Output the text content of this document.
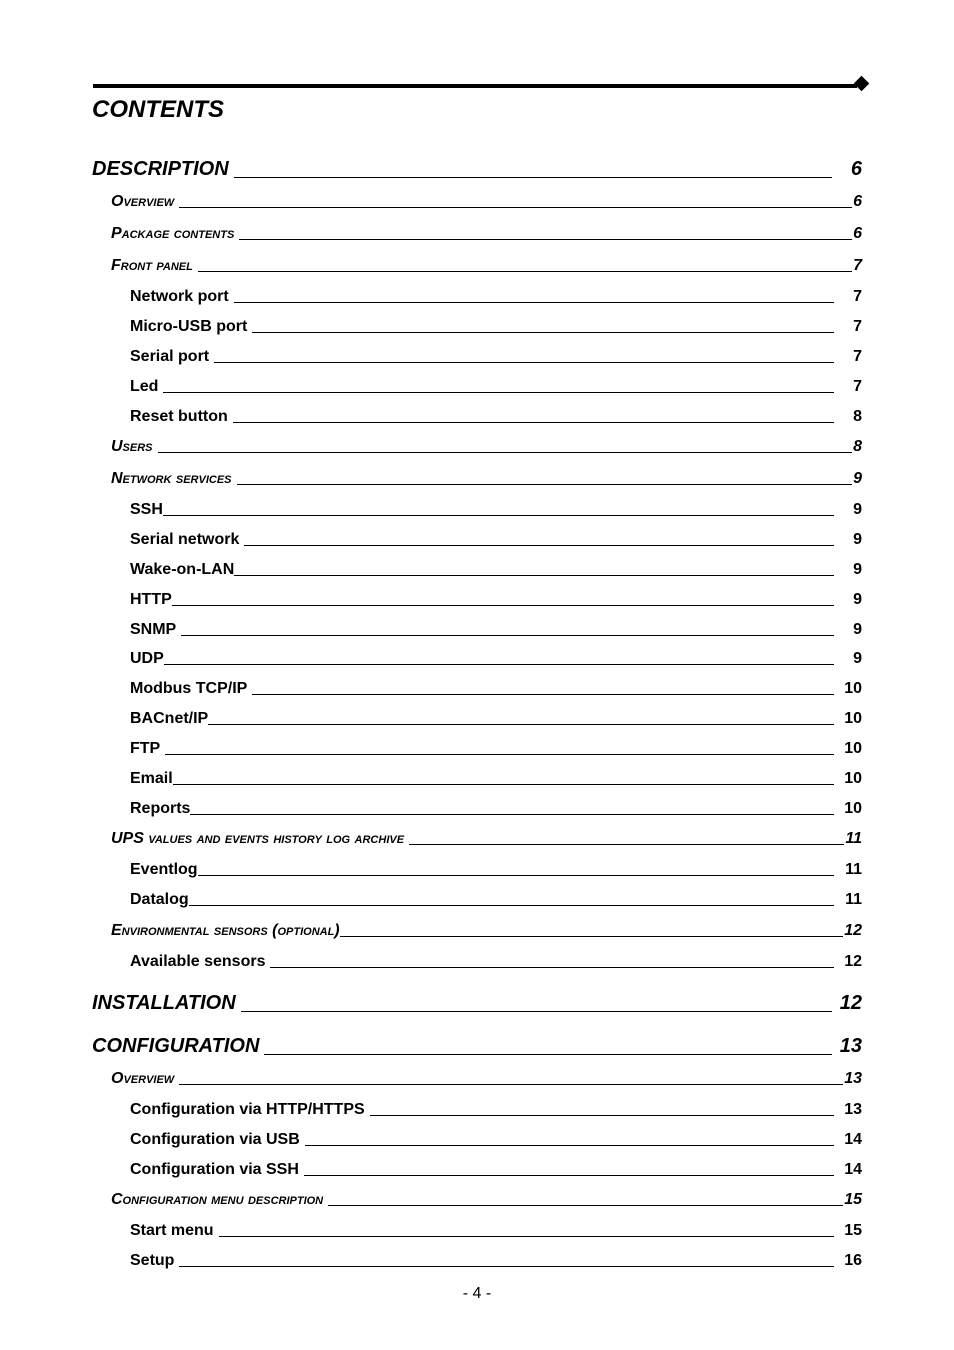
CONTENTS
DESCRIPTION	6
Overview	6
Package contents	6
Front panel	7
Network port	7
Micro-USB port	7
Serial port	7
Led	7
Reset button	8
Users	8
Network services	9
SSH	9
Serial network	9
Wake-on-LAN	9
HTTP	9
SNMP	9
UDP	9
Modbus TCP/IP	10
BACnet/IP	10
FTP	10
Email	10
Reports	10
UPS values and events history log archive	11
Eventlog	11
Datalog	11
Environmental sensors (optional)	12
Available sensors	12
INSTALLATION	12
CONFIGURATION	13
Overview	13
Configuration via HTTP/HTTPS	13
Configuration via USB	14
Configuration via SSH	14
Configuration menu description	15
Start menu	15
Setup	16
- 4 -
